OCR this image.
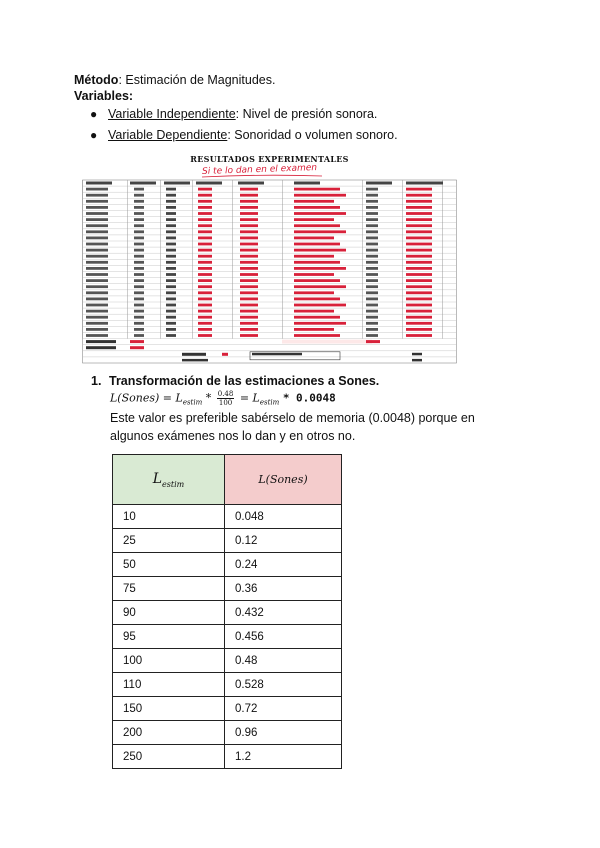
Método: Estimación de Magnitudes.
Variables:
● Variable Independiente: Nivel de presión sonora.
● Variable Dependiente: Sonoridad o volumen sonoro.
RESULTADOS EXPERIMENTALES
Si te lo dan en el examen
1. Transformación de las estimaciones a Sones.
L(Sones) = $L_{estim} * \frac{0.48}{100} = L_{estim} * 0.0048$
Este valor es preferible sabérselo de memoria (0.0048) porque en algunos exámenes nos lo dan y en otros no.
$L_{estim}$	L(Sones)
10	0.048
25	0.12
50	0.24
75	0.36
90	0.432
95	0.456
100	0.48
110	0.528
150	0.72
200	0.96
250	1.2
